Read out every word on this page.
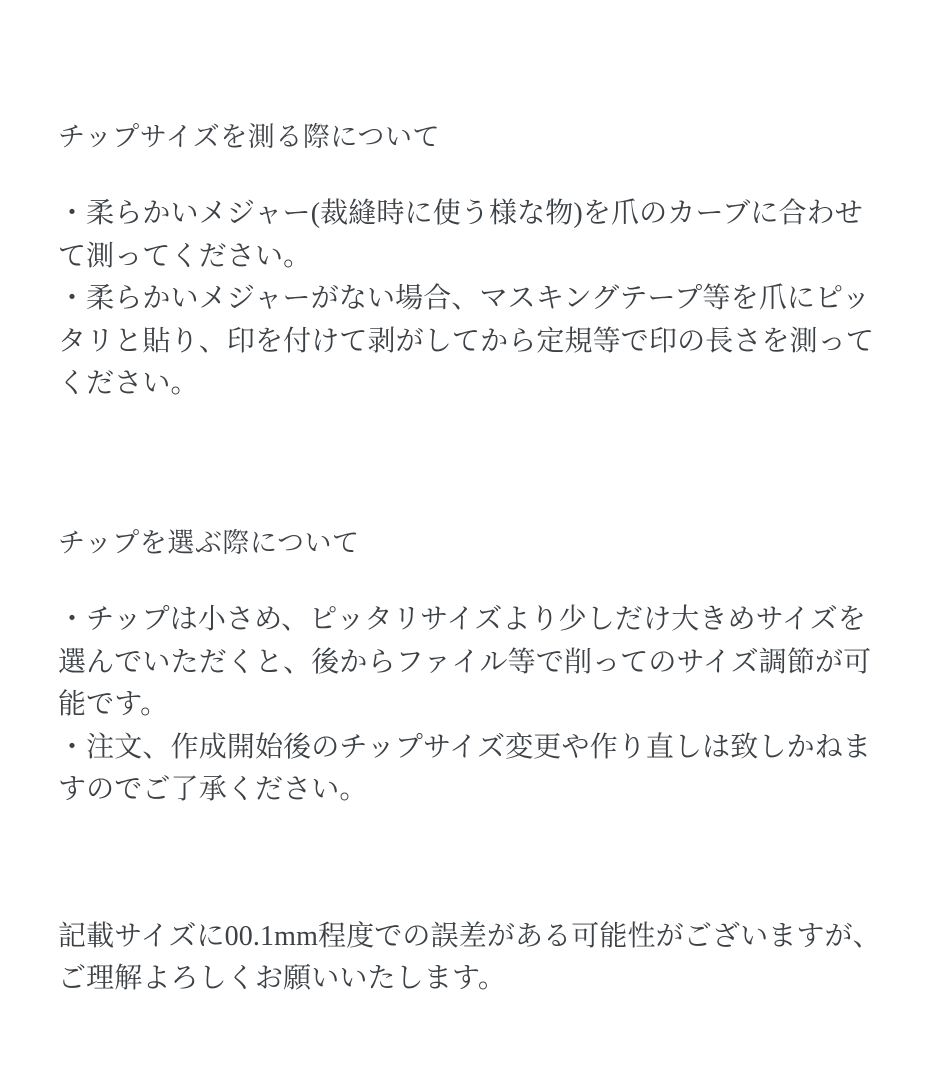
チップサイズを測る際について

・柔らかいメジャー(裁縫時に使う様な物)を爪のカーブに合わせて測ってください。

・柔らかいメジャーがない場合、マスキングテープ等を爪にピッタリと貼り、印を付けて剥がしてから定規等で印の長さを測ってください。

チップを選ぶ際について

・チップは小さめ、ピッタリサイズより少しだけ大きめサイズを選んでいただくと、後からファイル等で削ってのサイズ調節が可能です。

・注文、作成開始後のチップサイズ変更や作り直しは致しかねますのでご了承ください。

記載サイズに00.1mm程度での誤差がある可能性がございますが、ご理解よろしくお願いいたします。
